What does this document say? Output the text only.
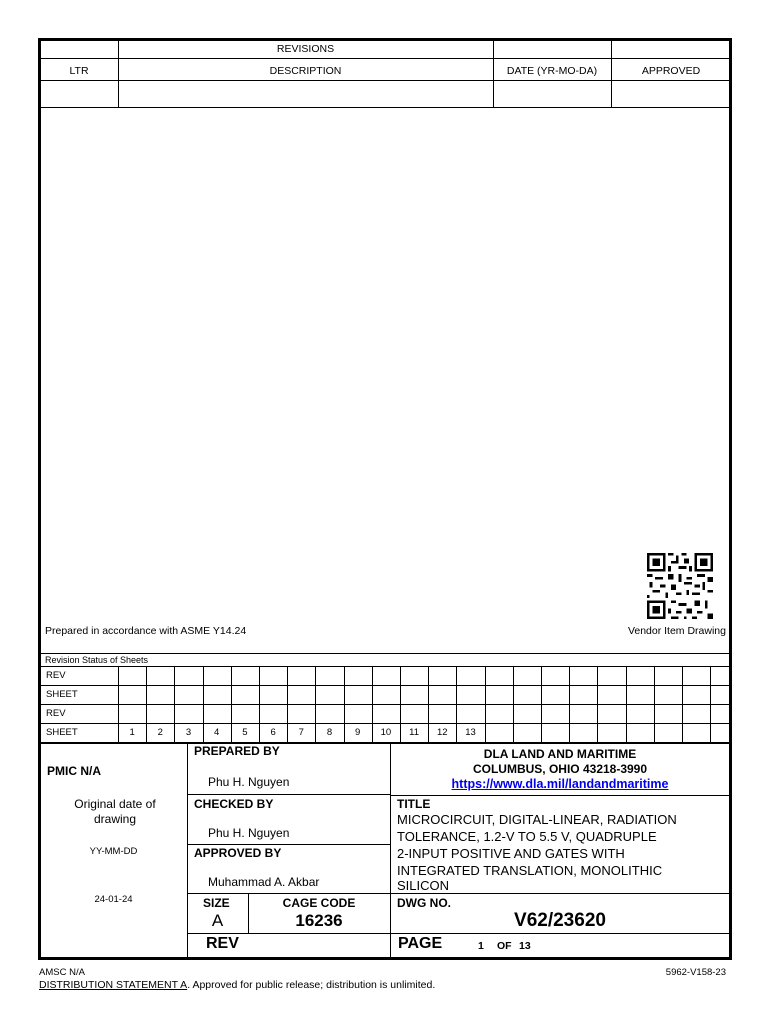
REVISIONS
LTR	DESCRIPTION	DATE (YR-MO-DA)	APPROVED
Prepared in accordance with ASME Y14.24	Vendor Item Drawing
Revision Status of Sheets
REV
SHEET
REV
SHEET	1	2	3	4	5	6	7	8	9	10	11	12	13
PMIC N/A
Original date of drawing
YY-MM-DD
24-01-24
PREPARED BY
Phu H. Nguyen
CHECKED BY
Phu H. Nguyen
APPROVED BY
Muhammad A. Akbar
DLA LAND AND MARITIME
COLUMBUS, OHIO 43218-3990
https://www.dla.mil/landandmaritime
TITLE
MICROCIRCUIT, DIGITAL-LINEAR, RADIATION
TOLERANCE, 1.2-V TO 5.5 V, QUADRUPLE
2-INPUT POSITIVE AND GATES WITH
INTEGRATED TRANSLATION, MONOLITHIC
SILICON
SIZE
A
CAGE CODE
16236
DWG NO.
V62/23620
REV	PAGE	1 OF 13
AMSC N/A
DISTRIBUTION STATEMENT A. Approved for public release; distribution is unlimited.
5962-V158-23
